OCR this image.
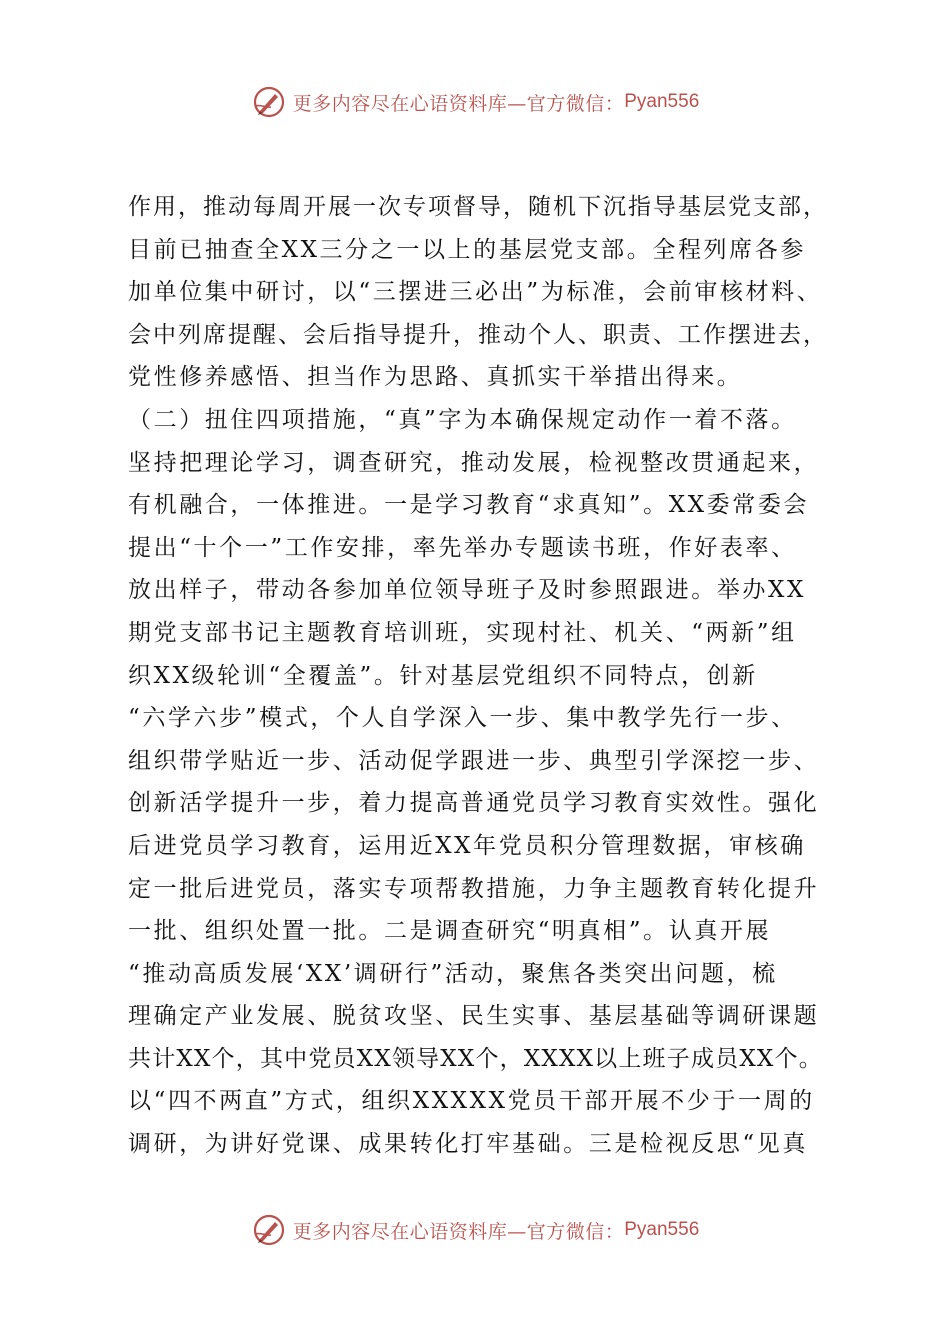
更多内容尽在心语资料库—官方微信： Pyan556
作用，推动每周开展一次专项督导，随机下沉指导基层党支部，
目前已抽查全XX三分之一以上的基层党支部。全程列席各参
加单位集中研讨，以“三摆进三必出”为标准，会前审核材料、
会中列席提醒、会后指导提升，推动个人、职责、工作摆进去，
党性修养感悟、担当作为思路、真抓实干举措出得来。
（二）扭住四项措施，“真”字为本确保规定动作一着不落。
坚持把理论学习，调查研究，推动发展，检视整改贯通起来，
有机融合，一体推进。一是学习教育“求真知”。XX委常委会
提出“十个一”工作安排，率先举办专题读书班，作好表率、
放出样子，带动各参加单位领导班子及时参照跟进。举办XX
期党支部书记主题教育培训班，实现村社、机关、“两新”组
织XX级轮训“全覆盖”。针对基层党组织不同特点，创新
“六学六步”模式，个人自学深入一步、集中教学先行一步、
组织带学贴近一步、活动促学跟进一步、典型引学深挖一步、
创新活学提升一步，着力提高普通党员学习教育实效性。强化
后进党员学习教育，运用近XX年党员积分管理数据，审核确
定一批后进党员，落实专项帮教措施，力争主题教育转化提升
一批、组织处置一批。二是调查研究“明真相”。认真开展
“推动高质发展‘XX’调研行”活动，聚焦各类突出问题，梳
理确定产业发展、脱贫攻坚、民生实事、基层基础等调研课题
共计XX个，其中党员XX领导XX个，XXXX以上班子成员XX个。
以“四不两直”方式，组织XXXXX党员干部开展不少于一周的
调研，为讲好党课、成果转化打牢基础。三是检视反思“见真
更多内容尽在心语资料库—官方微信： Pyan556
